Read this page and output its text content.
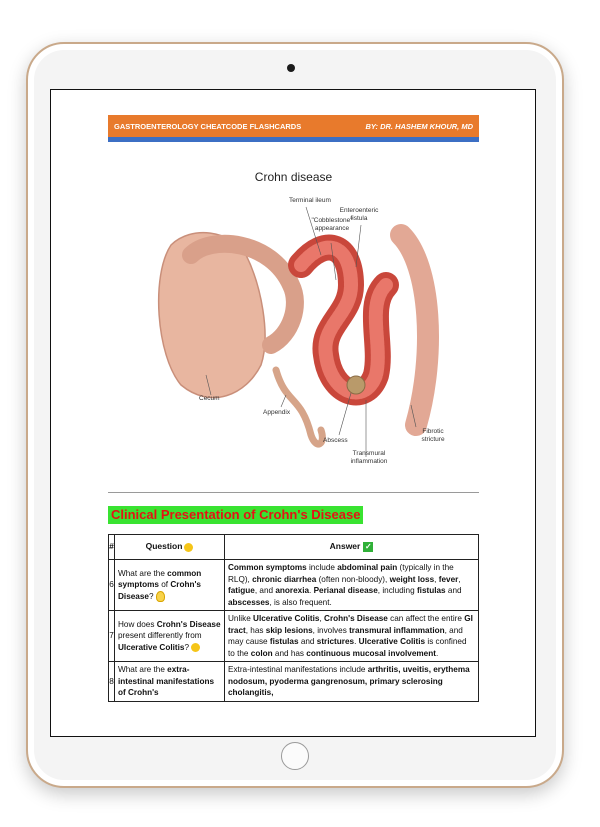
GASTROENTEROLOGY CHEATCODE FLASHCARDS	BY: DR. HASHEM KHOUR, MD
Crohn disease
Terminal ileum
Enteroenteric fistula
"Cobblestone" appearance
Cecum
Appendix
Abscess
Transmural inflammation
Fibrotic stricture
Clinical Presentation of Crohn's Disease
#	Question	Answer ✓
6	What are the common symptoms of Crohn's Disease?	Common symptoms include abdominal pain (typically in the RLQ), chronic diarrhea (often non-bloody), weight loss, fever, fatigue, and anorexia. Perianal disease, including fistulas and abscesses, is also frequent.
7	How does Crohn's Disease present differently from Ulcerative Colitis?	Unlike Ulcerative Colitis, Crohn's Disease can affect the entire GI tract, has skip lesions, involves transmural inflammation, and may cause fistulas and strictures. Ulcerative Colitis is confined to the colon and has continuous mucosal involvement.
8	What are the extra-intestinal manifestations of Crohn's	Extra-intestinal manifestations include arthritis, uveitis, erythema nodosum, pyoderma gangrenosum, primary sclerosing cholangitis,
